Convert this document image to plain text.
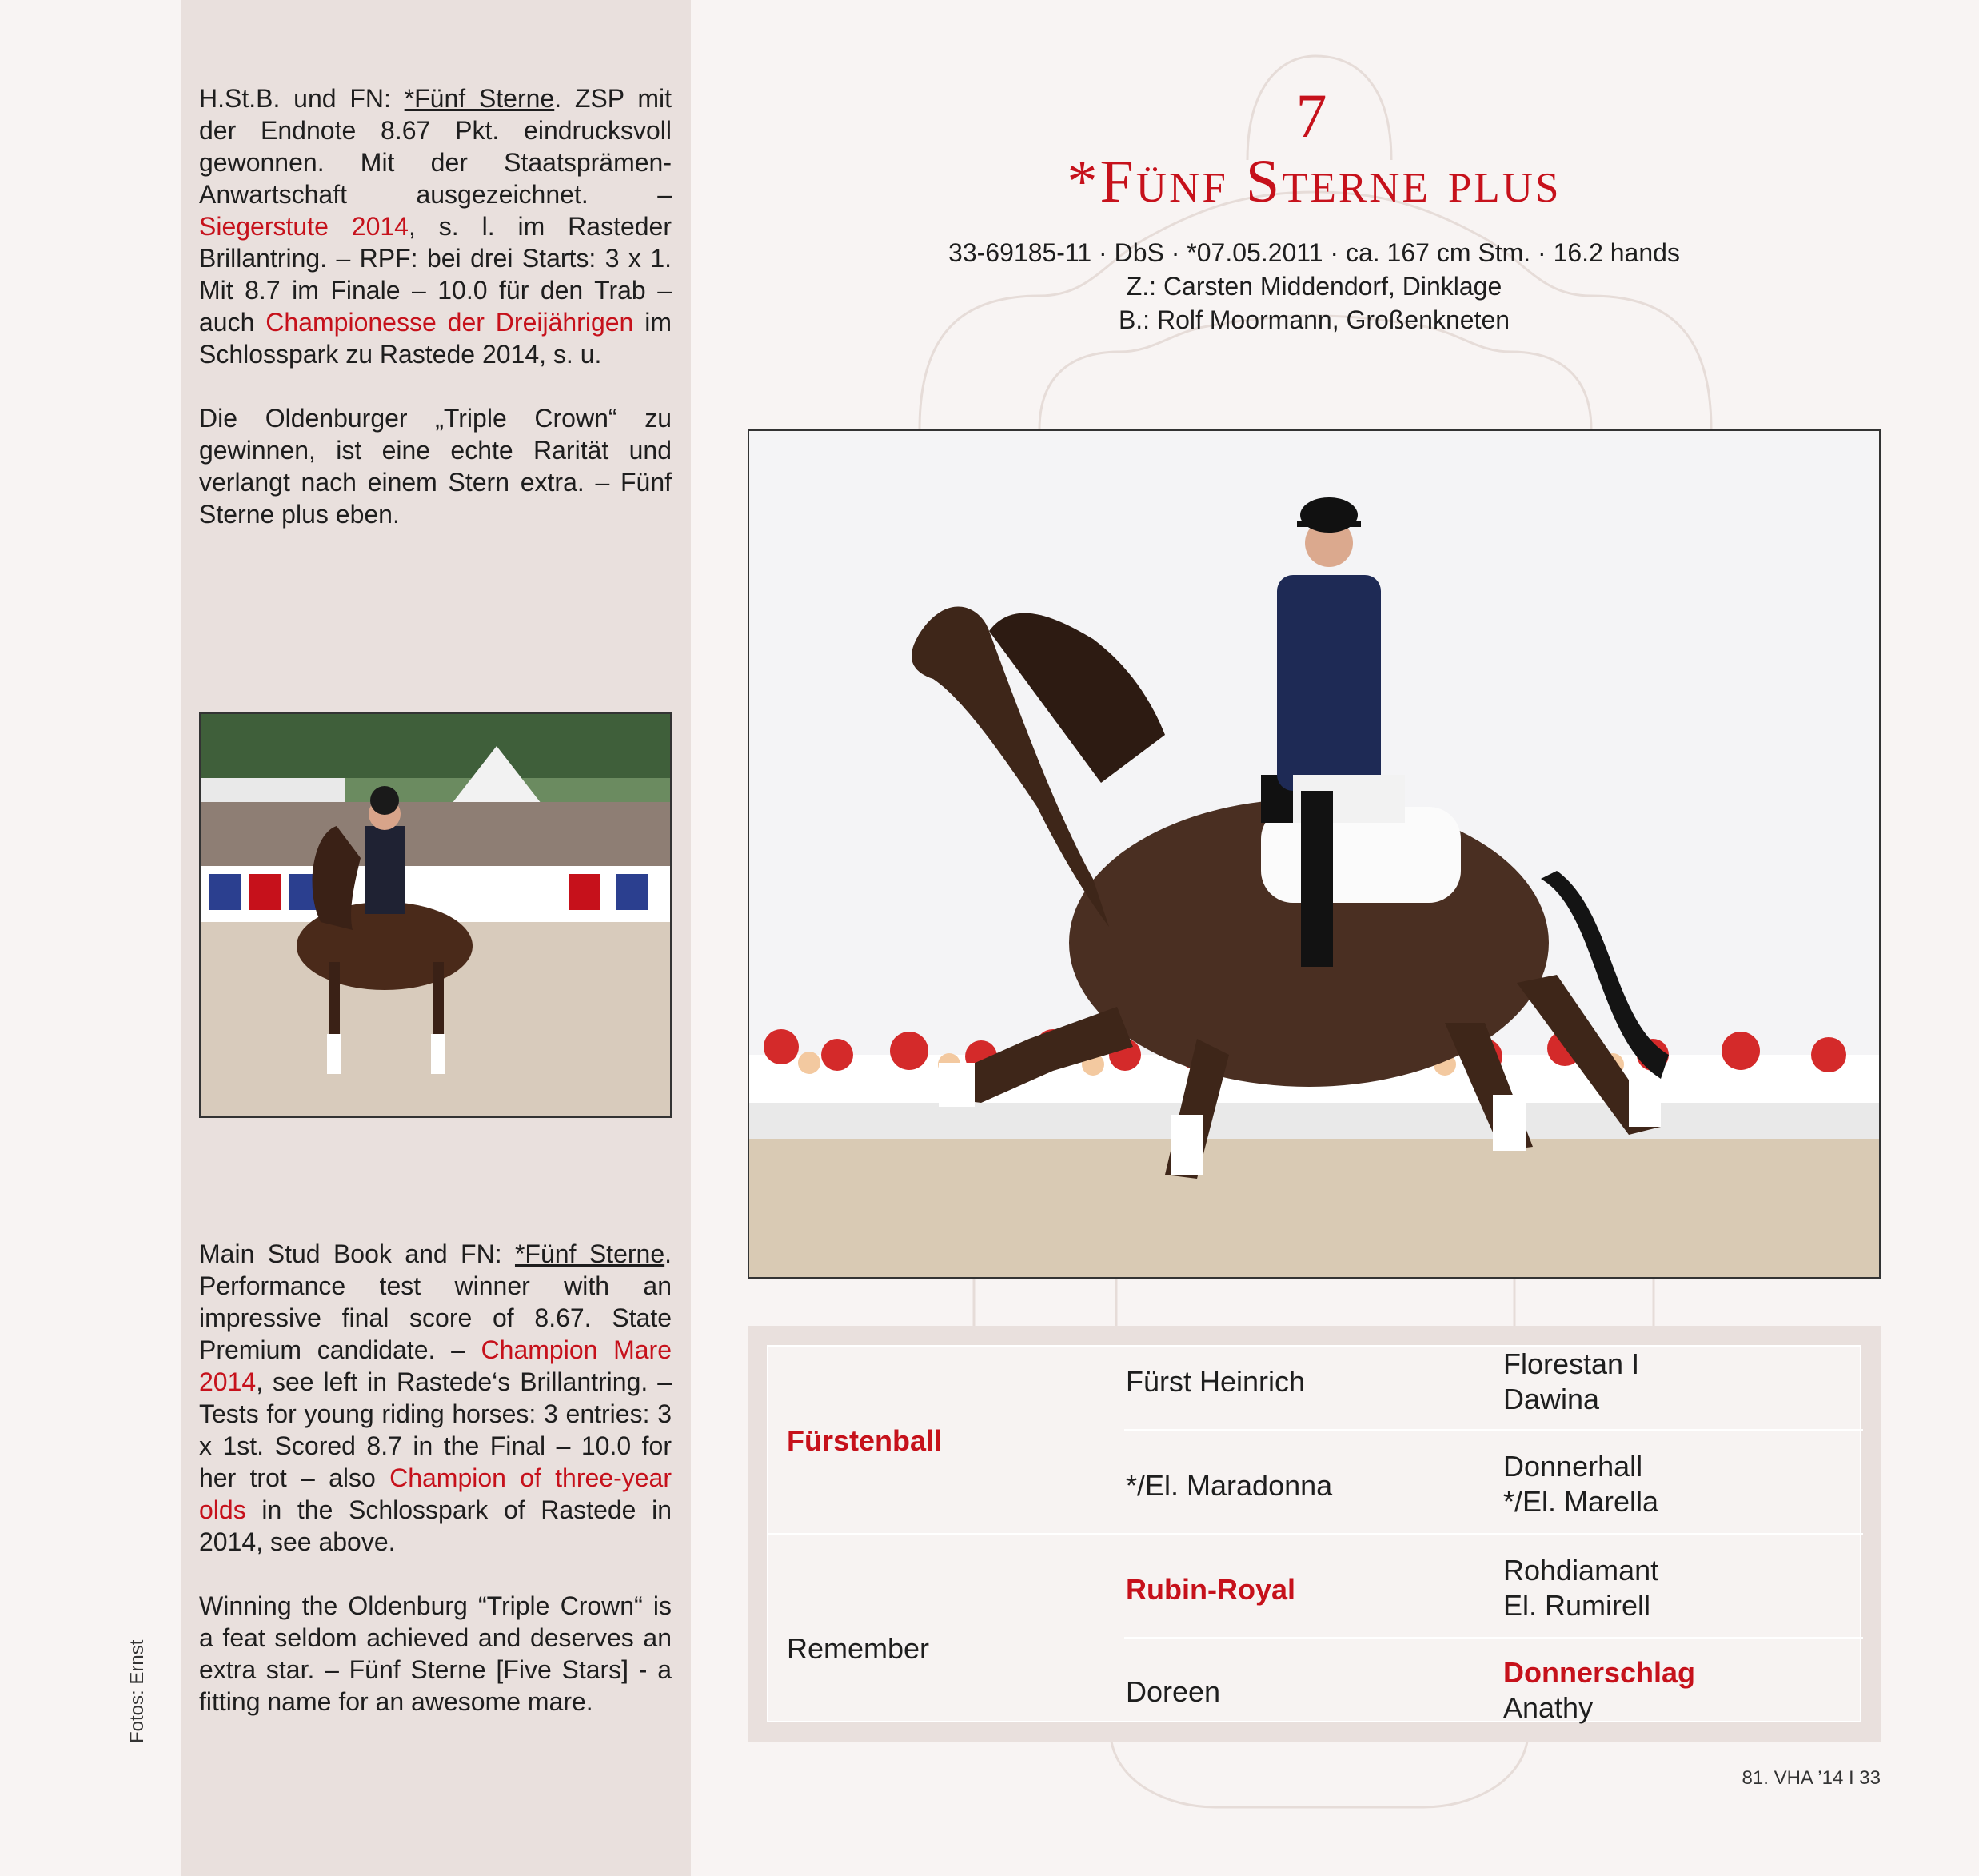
H.St.B. und FN: *Fünf Sterne. ZSP mit der Endnote 8.67 Pkt. eindrucksvoll gewonnen. Mit der Staatsprämen-Anwartschaft ausgezeichnet. – Siegerstute 2014, s. l. im Rasteder Brillantring. – RPF: bei drei Starts: 3 x 1. Mit 8.7 im Finale – 10.0 für den Trab – auch Championesse der Dreijährigen im Schlosspark zu Rastede 2014, s. u.

Die Oldenburger „Triple Crown“ zu gewinnen, ist eine echte Rarität und verlangt nach einem Stern extra. – Fünf Sterne plus eben.

Main Stud Book and FN: *Fünf Sterne. Performance test winner with an impressive final score of 8.67. State Premium candidate. – Champion Mare 2014, see left in Rastede‘s Brillantring. – Tests for young riding horses: 3 entries: 3 x 1st. Scored 8.7 in the Final – 10.0 for her trot – also Champion of three-year olds in the Schlosspark of Rastede in 2014, see above.

Winning the Oldenburg “Triple Crown“ is a feat seldom achieved and deserves an extra star. – Fünf Sterne [Five Stars] - a fitting name for an awesome mare.

Fotos: Ernst
7
*Fünf Sterne plus
33-69185-11 · DbS · *07.05.2011 · ca. 167 cm Stm. · 16.2 hands
Z.: Carsten Middendorf, Dinklage
B.: Rolf Moormann, Großenkneten
Fürstenball
Remember
Fürst Heinrich
*/El. Maradonna
Rubin-Royal
Doreen
Florestan I
Dawina
Donnerhall
*/El. Marella
Rohdiamant
El. Rumirell
Donnerschlag
Anathy
81. VHA ’14 I 33
